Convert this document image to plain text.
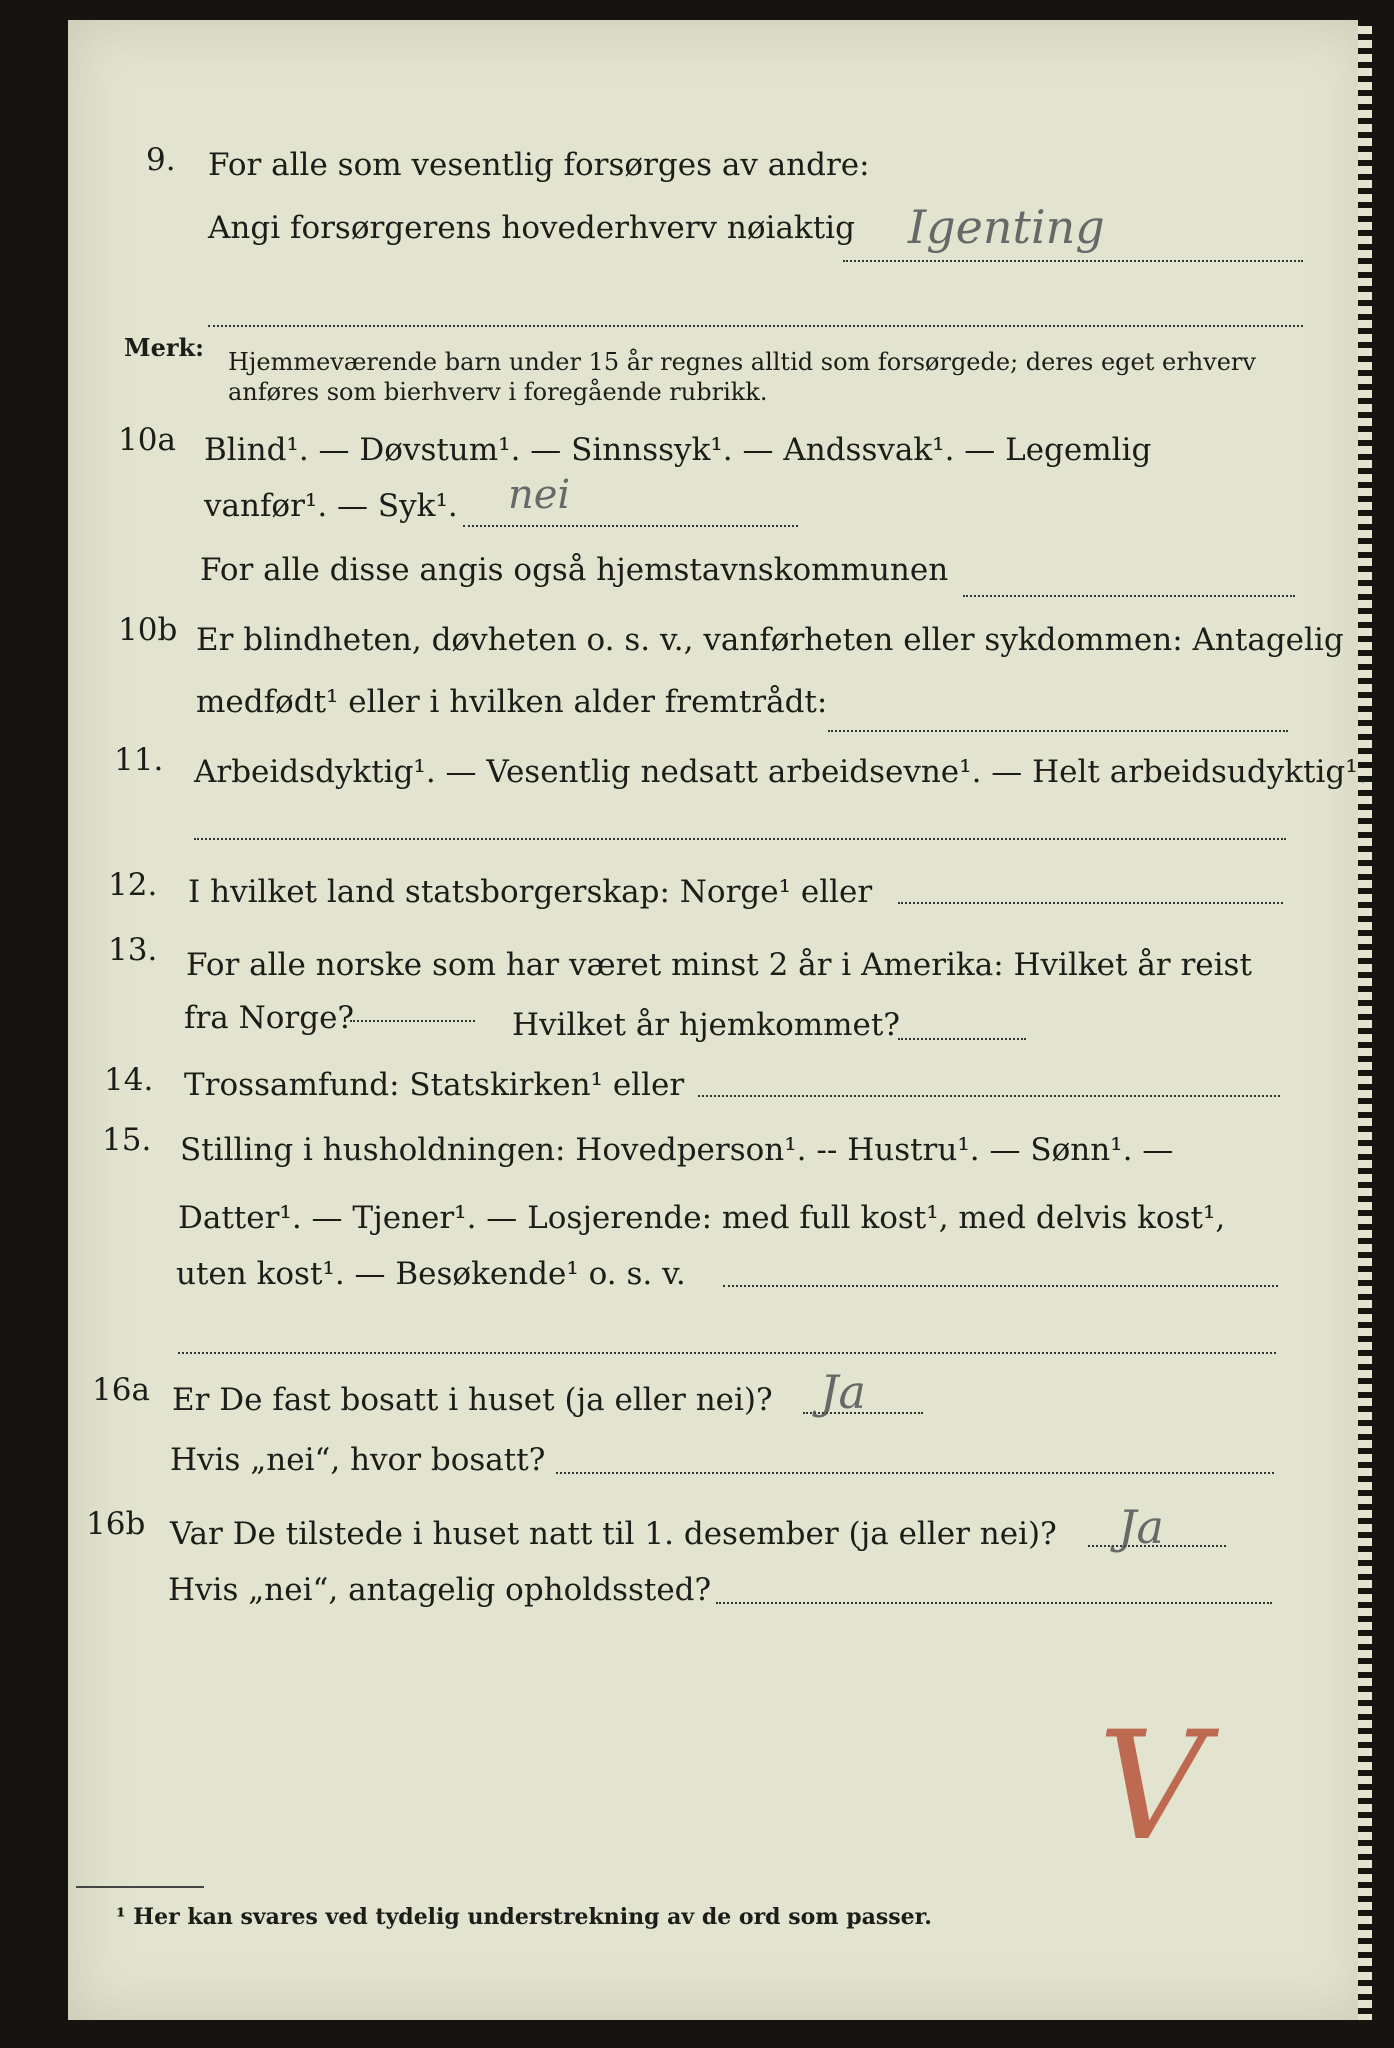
9. For alle som vesentlig forsørges av andre:
Angi forsørgerens hovederhverv nøiaktig Igenting
Merk: Hjemmeværende barn under 15 år regnes alltid som forsørgede; deres eget erhverv
anføres som bierhverv i foregående rubrikk.
10a Blind¹. — Døvstum¹. — Sinnssyk¹. — Andssvak¹. — Legemlig
vanfør¹. — Syk¹. nei
For alle disse angis også hjemstavnskommunen
10b Er blindheten, døvheten o. s. v., vanførheten eller sykdommen: Antagelig
medfødt¹ eller i hvilken alder fremtrådt:
11. Arbeidsdyktig¹. — Vesentlig nedsatt arbeidsevne¹. — Helt arbeidsudyktig¹.
12. I hvilket land statsborgerskap: Norge¹ eller
13. For alle norske som har været minst 2 år i Amerika: Hvilket år reist
fra Norge?	Hvilket år hjemkommet?
14. Trossamfund: Statskirken¹ eller
15. Stilling i husholdningen: Hovedperson¹. -- Hustru¹. — Sønn¹. —
Datter¹. — Tjener¹. — Losjerende: med full kost¹, med delvis kost¹,
uten kost¹. — Besøkende¹ o. s. v.
16a Er De fast bosatt i huset (ja eller nei)? Ja
Hvis „nei“, hvor bosatt?
16b Var De tilstede i huset natt til 1. desember (ja eller nei)? Ja
Hvis „nei“, antagelig opholdssted?
V
¹ Her kan svares ved tydelig understrekning av de ord som passer.
